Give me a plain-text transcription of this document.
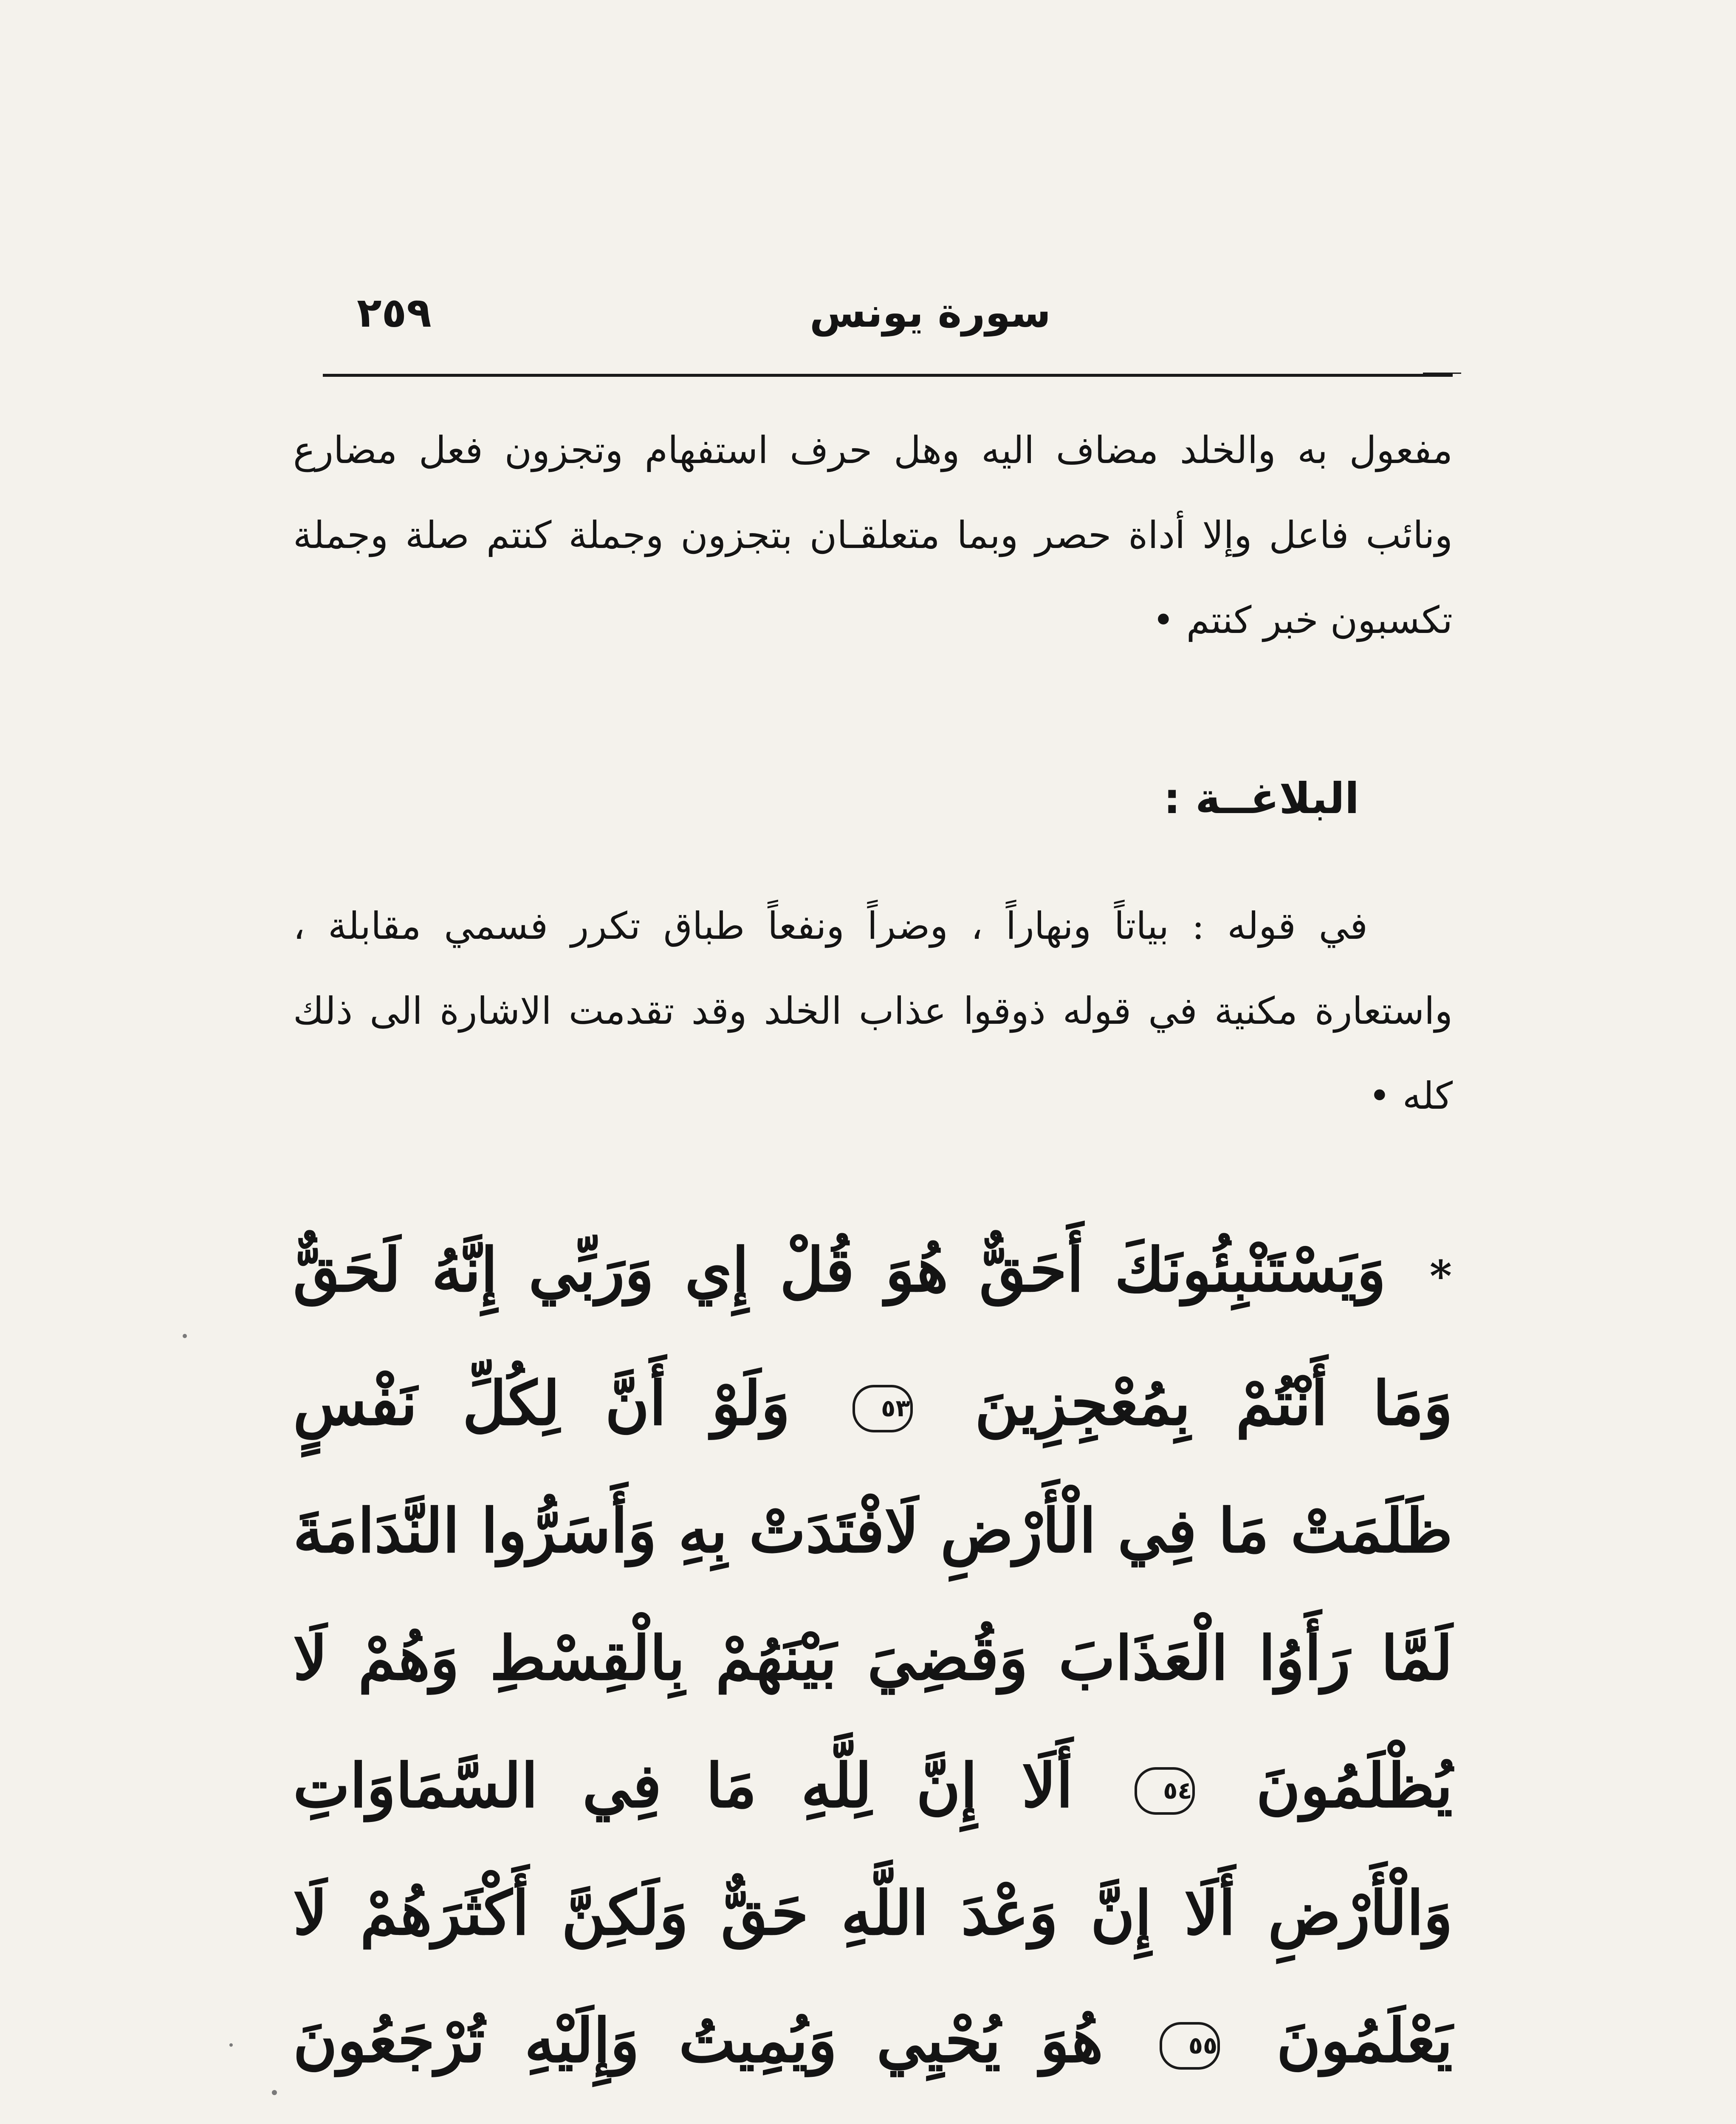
٢٥٩	سورة يونس

مفعول به والخلد مضاف اليه وهل حرف استفهام وتجزون فعل مضارع ونائب فاعل وإلا أداة حصر وبما متعلقـان بتجزون وجملة كنتم صلة وجملة تكسبون خبر كنتم •

البلاغــة :

في قوله : بياتاً ونهاراً ، وضراً ونفعاً طباق تكرر فسمي مقابلة ، واستعارة مكنية في قوله ذوقوا عذاب الخلد وقد تقدمت الاشارة الى ذلك كله •

* وَيَسْتَنْبِئُونَكَ أَحَقٌّ هُوَ قُلْ إِي وَرَبِّي إِنَّهُ لَحَقٌّ وَمَا أَنْتُمْ بِمُعْجِزِينَ ٥٣ وَلَوْ أَنَّ لِكُلِّ نَفْسٍ ظَلَمَتْ مَا فِي الْأَرْضِ لَافْتَدَتْ بِهِ وَأَسَرُّوا النَّدَامَةَ لَمَّا رَأَوُا الْعَذَابَ وَقُضِيَ بَيْنَهُمْ بِالْقِسْطِ وَهُمْ لَا يُظْلَمُونَ ٥٤ أَلَا إِنَّ لِلَّهِ مَا فِي السَّمَاوَاتِ وَالْأَرْضِ أَلَا إِنَّ وَعْدَ اللَّهِ حَقٌّ وَلَكِنَّ أَكْثَرَهُمْ لَا يَعْلَمُونَ ٥٥ هُوَ يُحْيِي وَيُمِيتُ وَإِلَيْهِ تُرْجَعُونَ
